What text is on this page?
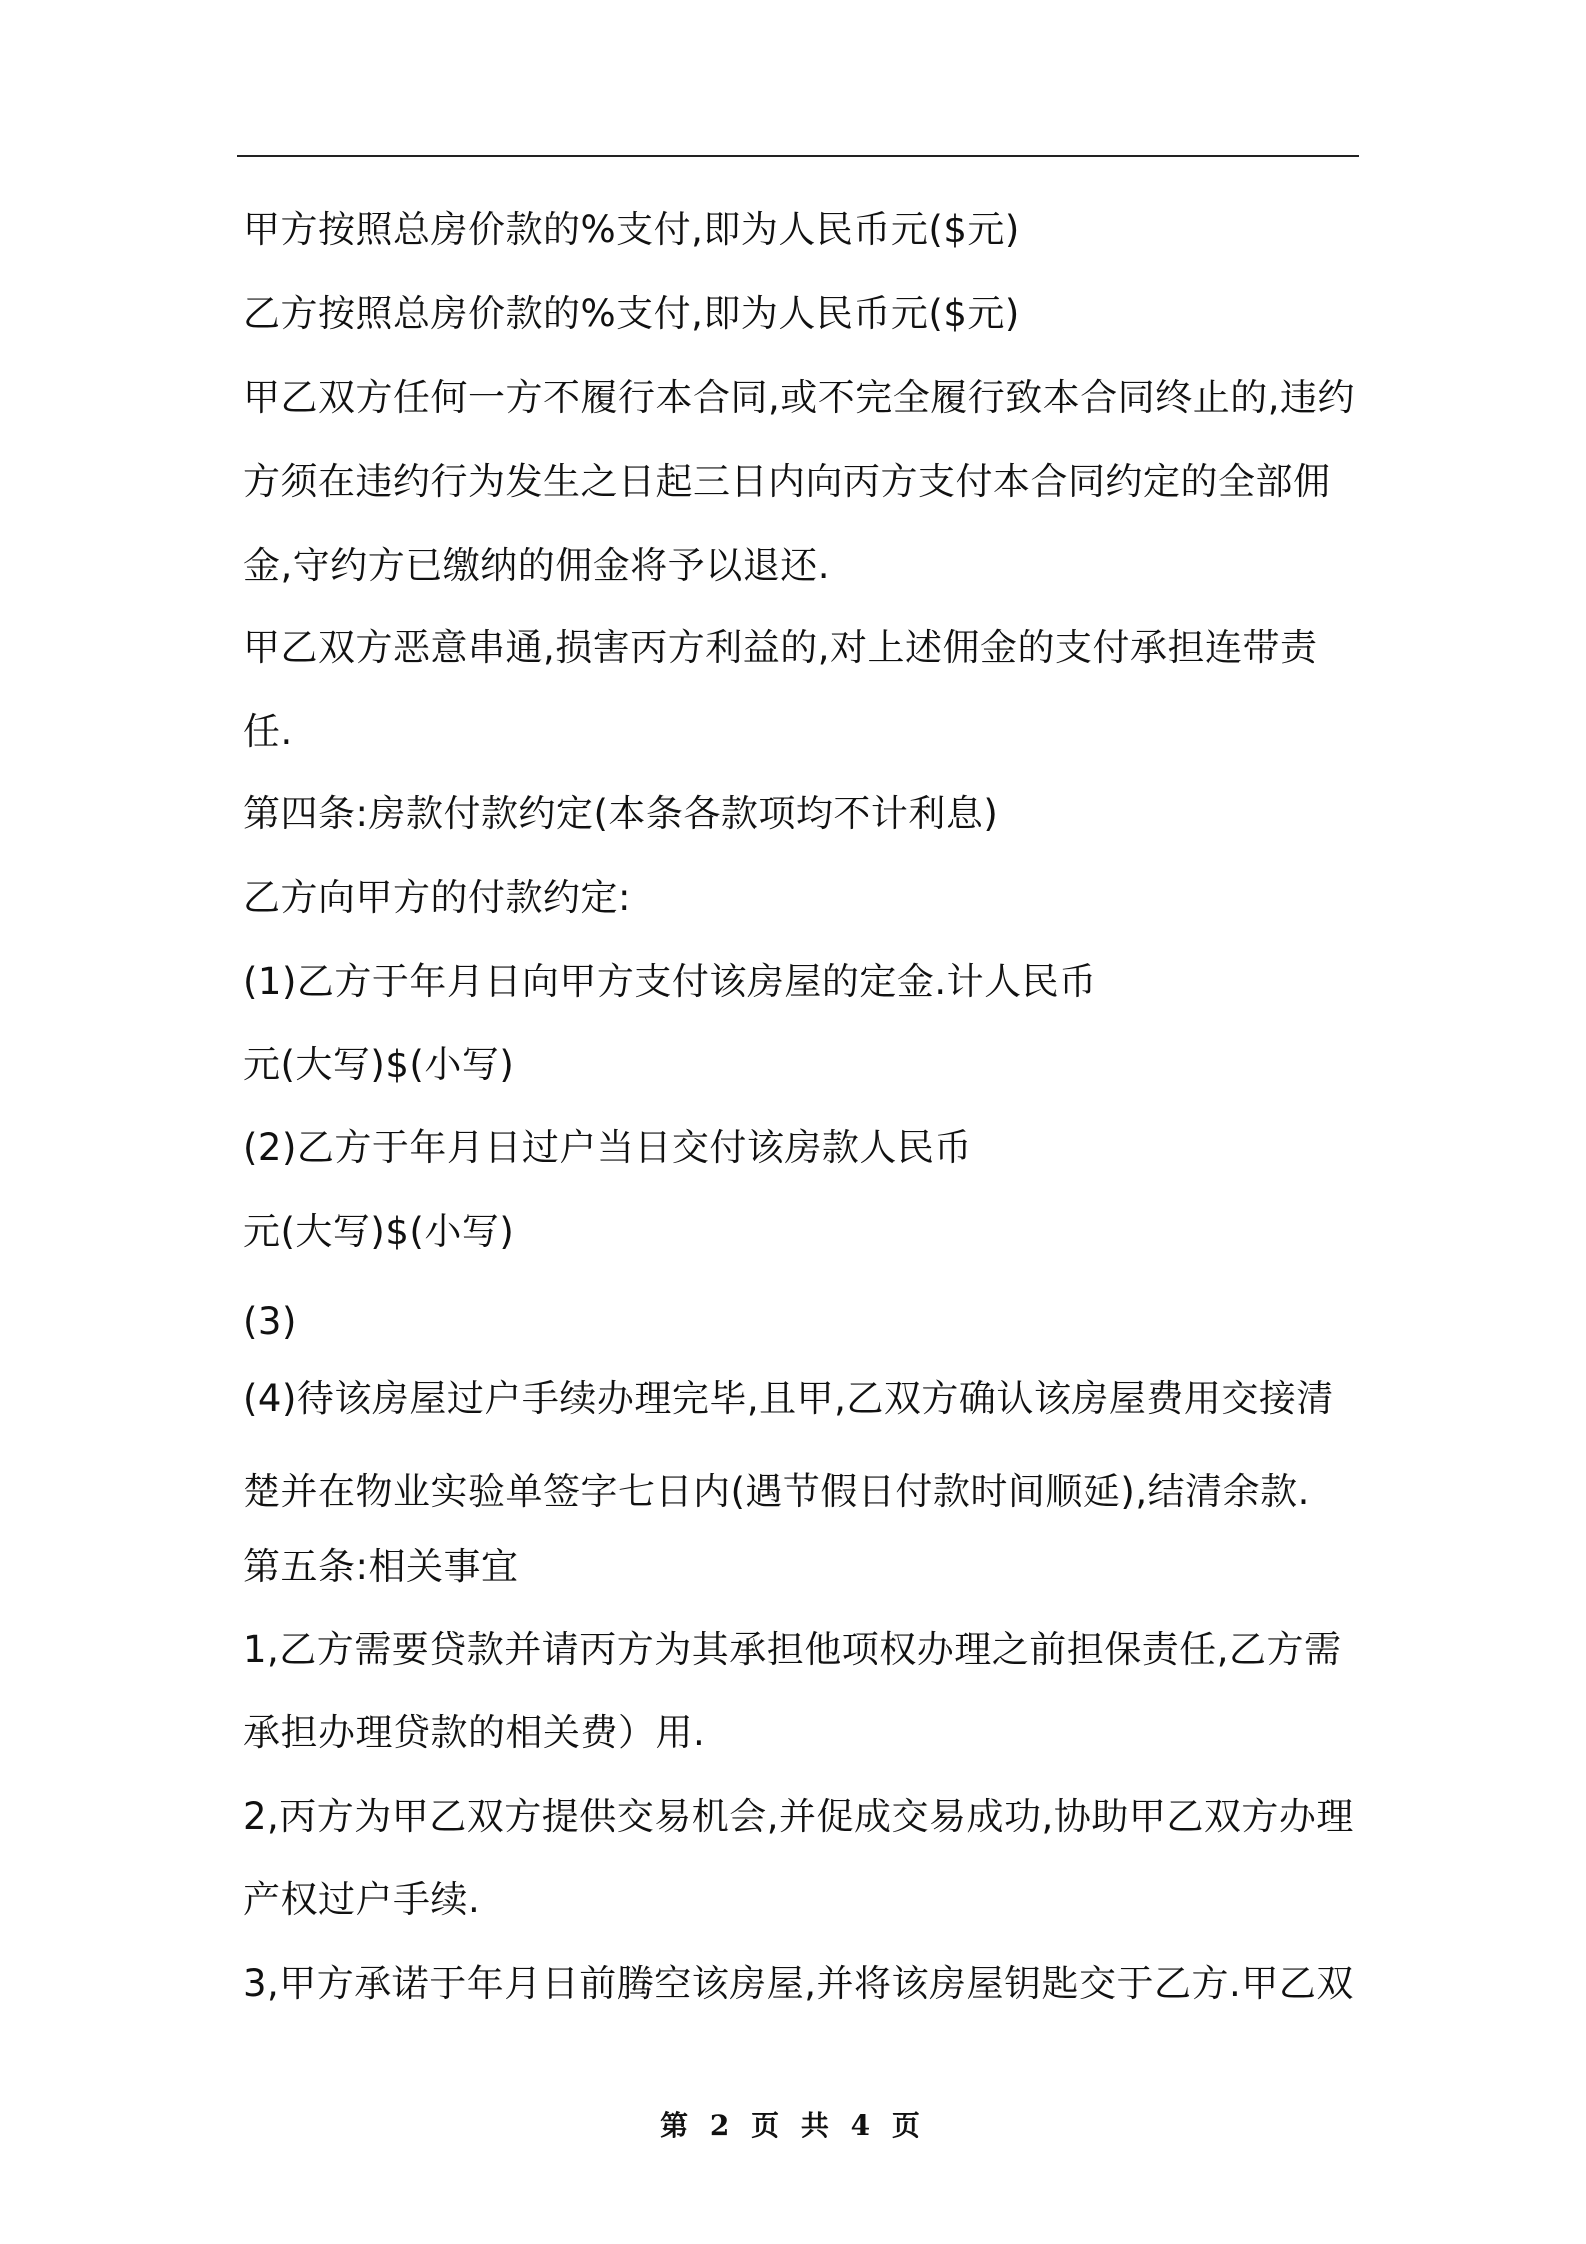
甲方按照总房价款的%支付,即为人民币元($元)
乙方按照总房价款的%支付,即为人民币元($元)
甲乙双方任何一方不履行本合同,或不完全履行致本合同终止的,违约
方须在违约行为发生之日起三日内向丙方支付本合同约定的全部佣
金,守约方已缴纳的佣金将予以退还.
甲乙双方恶意串通,损害丙方利益的,对上述佣金的支付承担连带责
任.
第四条:房款付款约定(本条各款项均不计利息)
乙方向甲方的付款约定:
(1)乙方于年月日向甲方支付该房屋的定金.计人民币
元(大写)$(小写)
(2)乙方于年月日过户当日交付该房款人民币
元(大写)$(小写)
(3)
(4)待该房屋过户手续办理完毕,且甲,乙双方确认该房屋费用交接清
楚并在物业实验单签字七日内(遇节假日付款时间顺延),结清余款.
第五条:相关事宜
1,乙方需要贷款并请丙方为其承担他项权办理之前担保责任,乙方需
承担办理贷款的相关费）用.
2,丙方为甲乙双方提供交易机会,并促成交易成功,协助甲乙双方办理
产权过户手续.
3,甲方承诺于年月日前腾空该房屋,并将该房屋钥匙交于乙方.甲乙双
第 2 页 共 4 页
